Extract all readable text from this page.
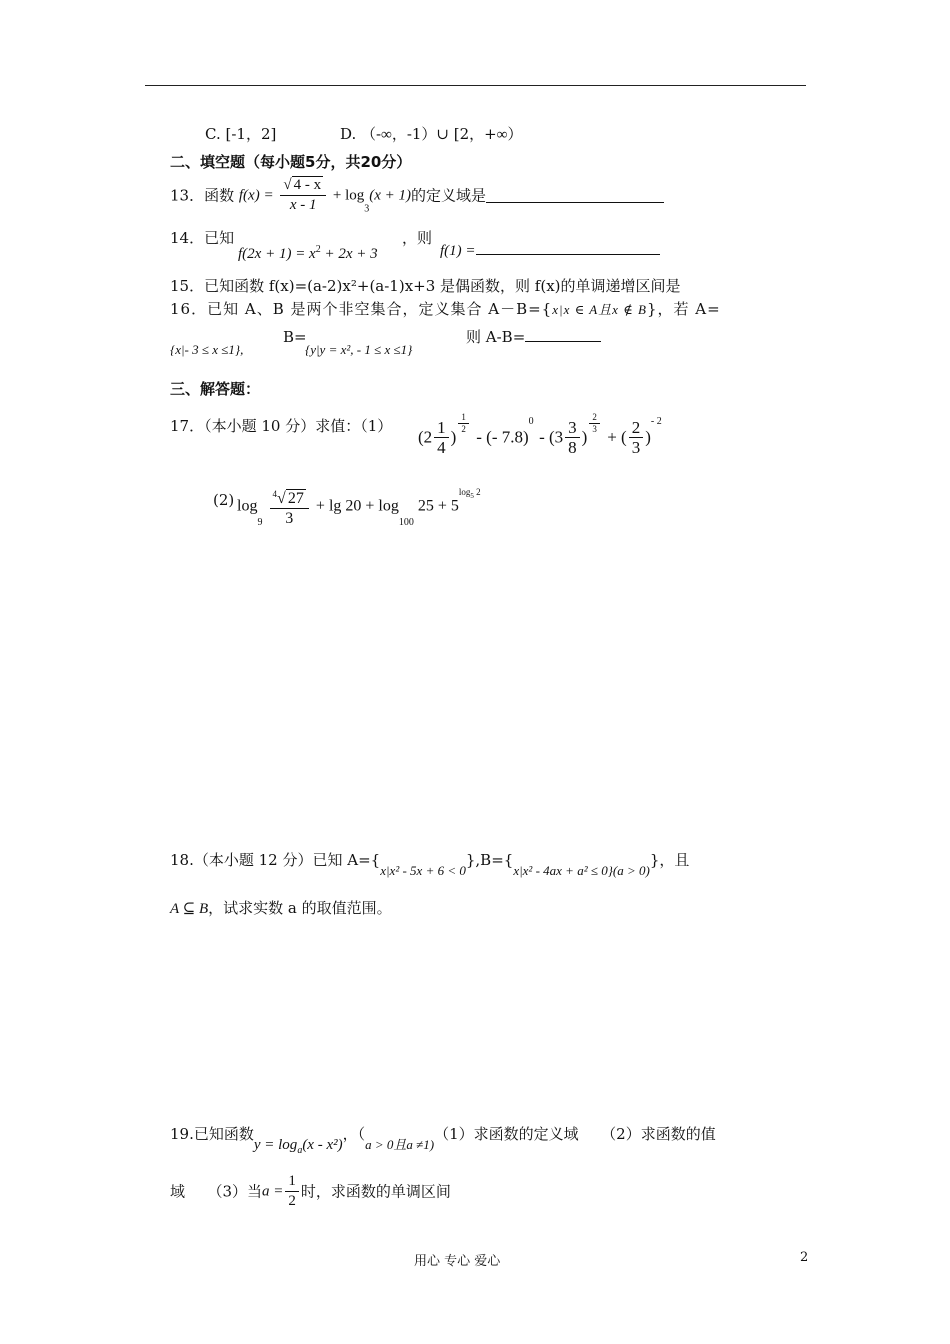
C. [-1，2]	D. （-∞，-1）∪ [2，+∞）
二、填空题（每小题5分，共20分）
13．函数 $f(x) = \frac{√ 4 - x}{x - 1} + \log_3(x + 1)$的定义域是
14．已知
$f(2x + 1) = x^2 + 2x + 3$
，则
f(1) =
15．已知函数 f(x)=(a-2)x²+(a-1)x+3 是偶函数，则 f(x)的单调递增区间是
16．已知 A、B 是两个非空集合，定义集合 A－B={x|x ∈ A且x ∉ B}，若 A=
{x|- 3 ≤ x ≤1},
B=
{y|y = x², - 1 ≤ x ≤1}
则 A-B=
三、解答题：
17．（本小题 10 分）求值：（1）
($2 \frac{1}{4}$ )
$\frac{1}{2}$
- (- $7.8)^0 - (3 \frac{3}{8}$ )
$\frac{2}{3}$
+ ( $\frac{2}{3} )^{- 2}$
(2) $\log_9 \frac{^4√ 27}{3} + \lg 20 + \log_{100} 25 + 5^{log_5 2}$
18.（本小题 12 分）已知 A={x|x² - 5x + 6 < 0},B={x|x² - 4ax + a² ≤ 0}(a > 0)}，且
A ⊆ B，试求实数 a 的取值范围。
19.已知函数$y = \log_a(x - x^2)$，（a > 0且a ≠1)（1）求函数的定义域　　（2）求函数的值
域　　（3）当$a = \frac{1}{2}$ 时，求函数的单调区间
用心 专心 爱心	2
